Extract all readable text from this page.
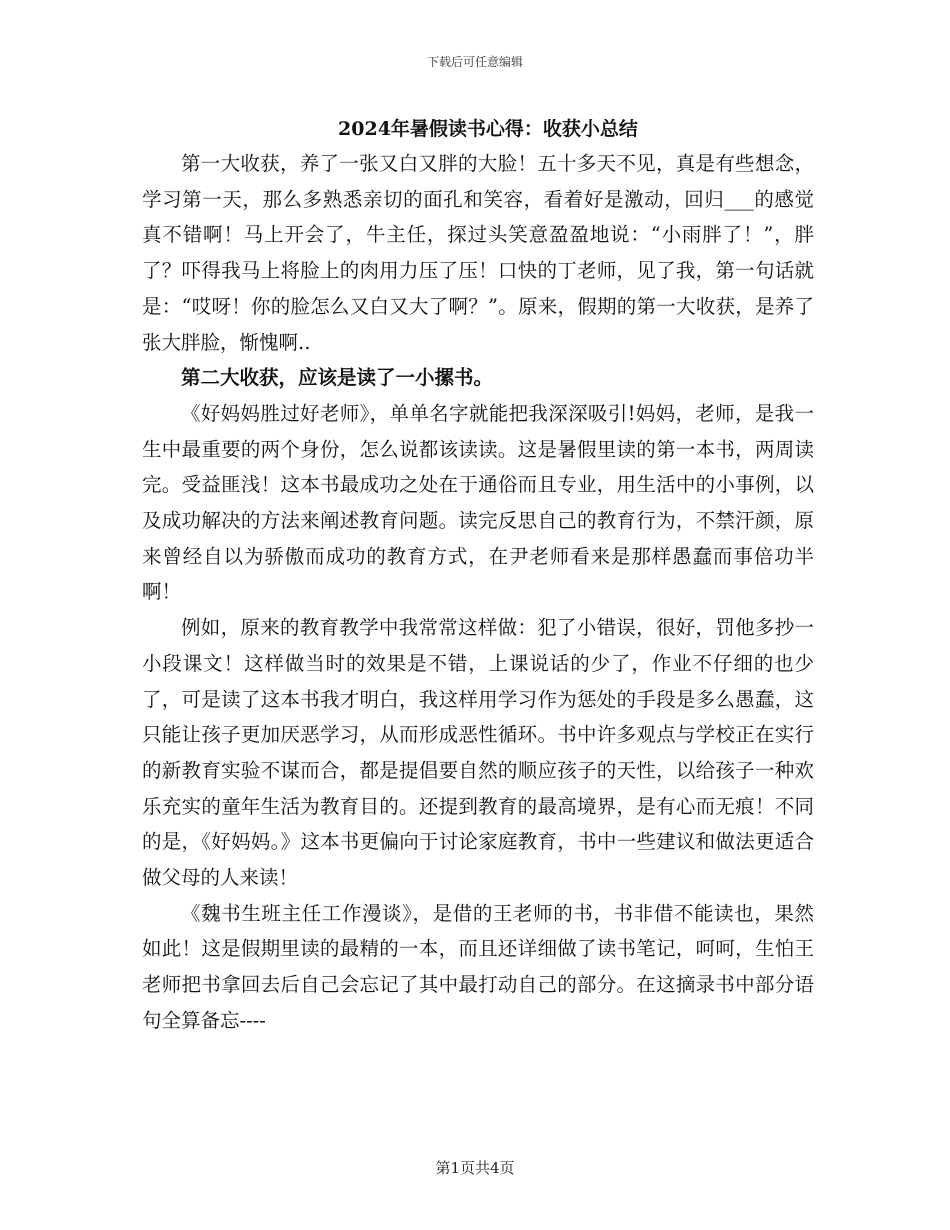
下载后可任意编辑
2024年暑假读书心得：收获小总结

第一大收获，养了一张又白又胖的大脸！五十多天不见，真是有些想念，学习第一天，那么多熟悉亲切的面孔和笑容，看着好是激动，回归___的感觉真不错啊！马上开会了，牛主任，探过头笑意盈盈地说：“小雨胖了！”，胖了？吓得我马上将脸上的肉用力压了压！口快的丁老师，见了我，第一句话就是：“哎呀！你的脸怎么又白又大了啊？”。原来，假期的第一大收获，是养了张大胖脸，惭愧啊..

第二大收获，应该是读了一小摞书。

《好妈妈胜过好老师》，单单名字就能把我深深吸引!妈妈，老师，是我一生中最重要的两个身份，怎么说都该读读。这是暑假里读的第一本书，两周读完。受益匪浅！这本书最成功之处在于通俗而且专业，用生活中的小事例，以及成功解决的方法来阐述教育问题。读完反思自己的教育行为，不禁汗颜，原来曾经自以为骄傲而成功的教育方式，在尹老师看来是那样愚蠢而事倍功半啊！

例如，原来的教育教学中我常常这样做：犯了小错误，很好，罚他多抄一小段课文！这样做当时的效果是不错，上课说话的少了，作业不仔细的也少了，可是读了这本书我才明白，我这样用学习作为惩处的手段是多么愚蠢，这只能让孩子更加厌恶学习，从而形成恶性循环。书中许多观点与学校正在实行的新教育实验不谋而合，都是提倡要自然的顺应孩子的天性，以给孩子一种欢乐充实的童年生活为教育目的。还提到教育的最高境界，是有心而无痕！不同的是，《好妈妈。》这本书更偏向于讨论家庭教育，书中一些建议和做法更适合做父母的人来读！

《魏书生班主任工作漫谈》，是借的王老师的书，书非借不能读也，果然如此！这是假期里读的最精的一本，而且还详细做了读书笔记，呵呵，生怕王老师把书拿回去后自己会忘记了其中最打动自己的部分。在这摘录书中部分语句全算备忘----

第1页共4页
